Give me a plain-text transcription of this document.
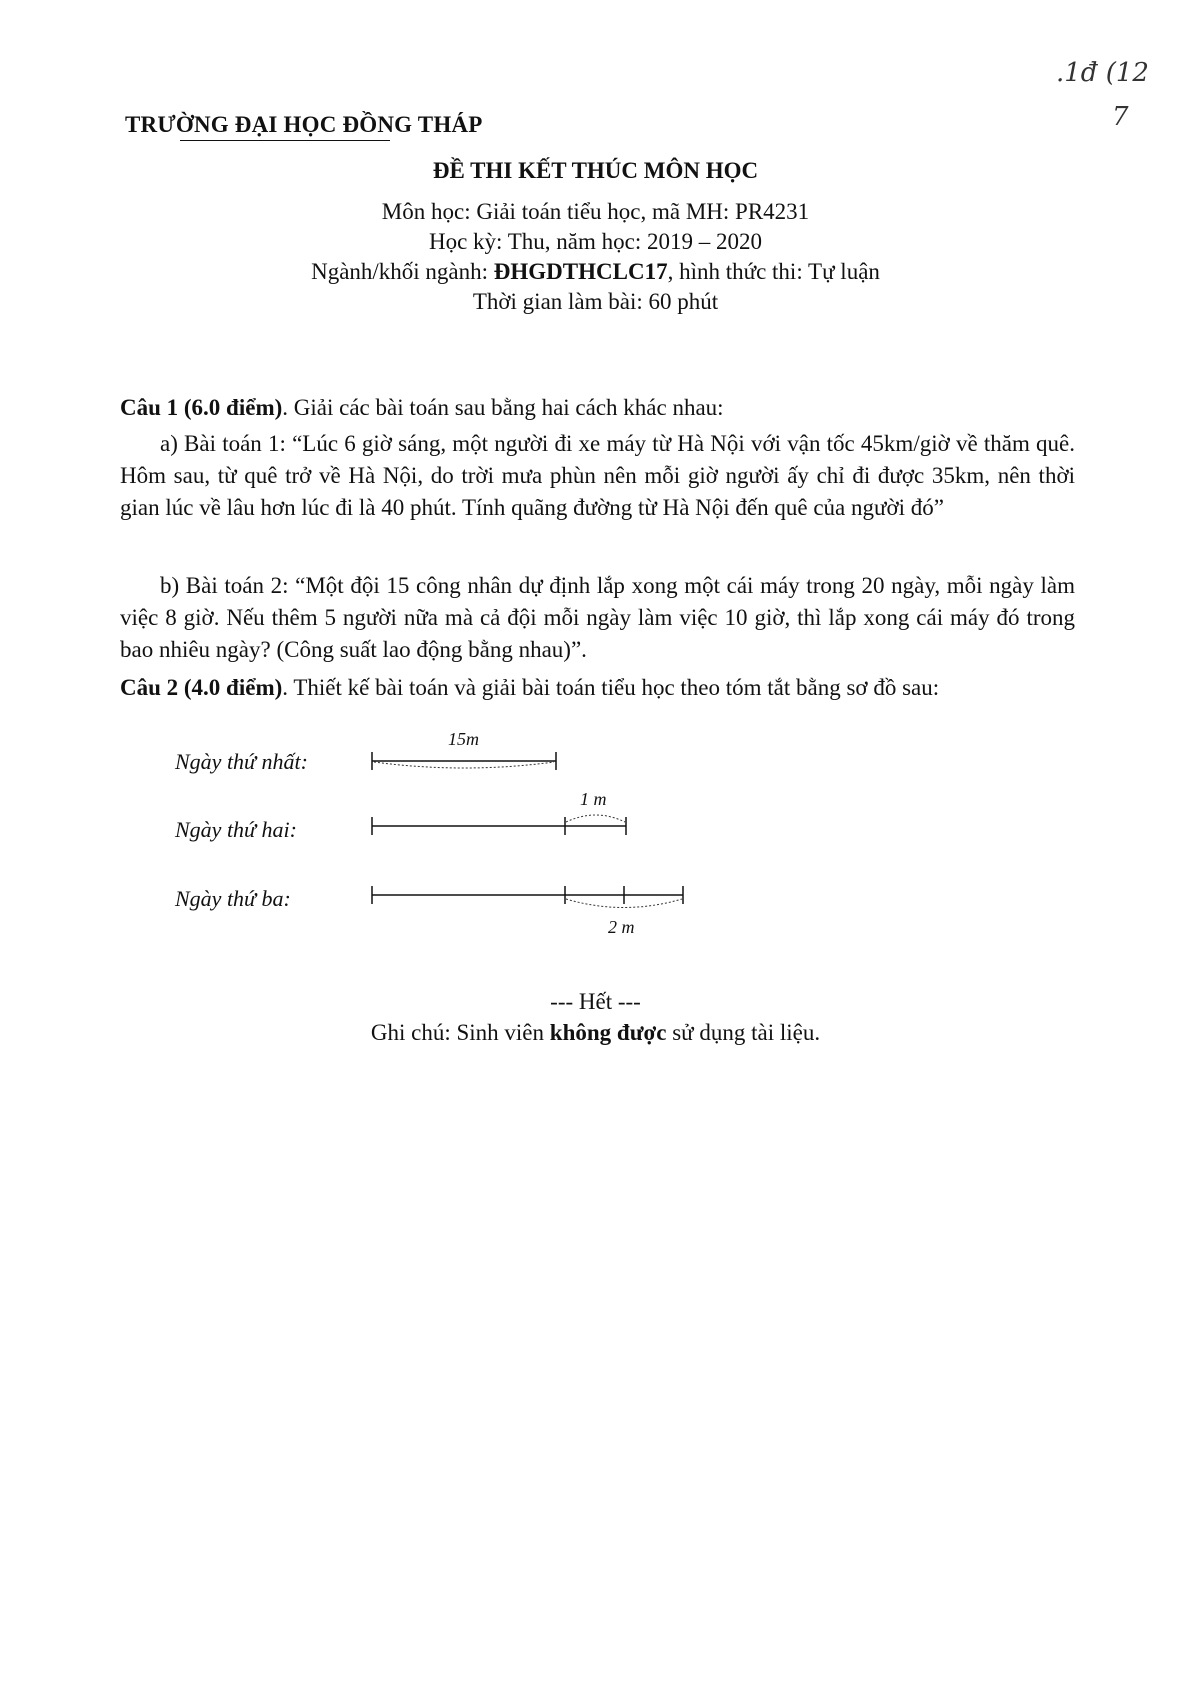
.1đ (12
7
TRƯỜNG ĐẠI HỌC ĐỒNG THÁP
ĐỀ THI KẾT THÚC MÔN HỌC
Môn học: Giải toán tiểu học, mã MH: PR4231
Học kỳ: Thu, năm học: 2019 – 2020
Ngành/khối ngành: ĐHGDTHCLC17, hình thức thi: Tự luận
Thời gian làm bài: 60 phút
Câu 1 (6.0 điểm). Giải các bài toán sau bằng hai cách khác nhau:
a) Bài toán 1: “Lúc 6 giờ sáng, một người đi xe máy từ Hà Nội với vận tốc 45km/giờ về thăm quê. Hôm sau, từ quê trở về Hà Nội, do trời mưa phùn nên mỗi giờ người ấy chỉ đi được 35km, nên thời gian lúc về lâu hơn lúc đi là 40 phút. Tính quãng đường từ Hà Nội đến quê của người đó”
b) Bài toán 2: “Một đội 15 công nhân dự định lắp xong một cái máy trong 20 ngày, mỗi ngày làm việc 8 giờ. Nếu thêm 5 người nữa mà cả đội mỗi ngày làm việc 10 giờ, thì lắp xong cái máy đó trong bao nhiêu ngày? (Công suất lao động bằng nhau)”.
Câu 2 (4.0 điểm). Thiết kế bài toán và giải bài toán tiểu học theo tóm tắt bằng sơ đồ sau:
Ngày thứ nhất:
15m
Ngày thứ hai:
1 m
Ngày thứ ba:
2 m
--- Hết ---
Ghi chú: Sinh viên không được sử dụng tài liệu.
